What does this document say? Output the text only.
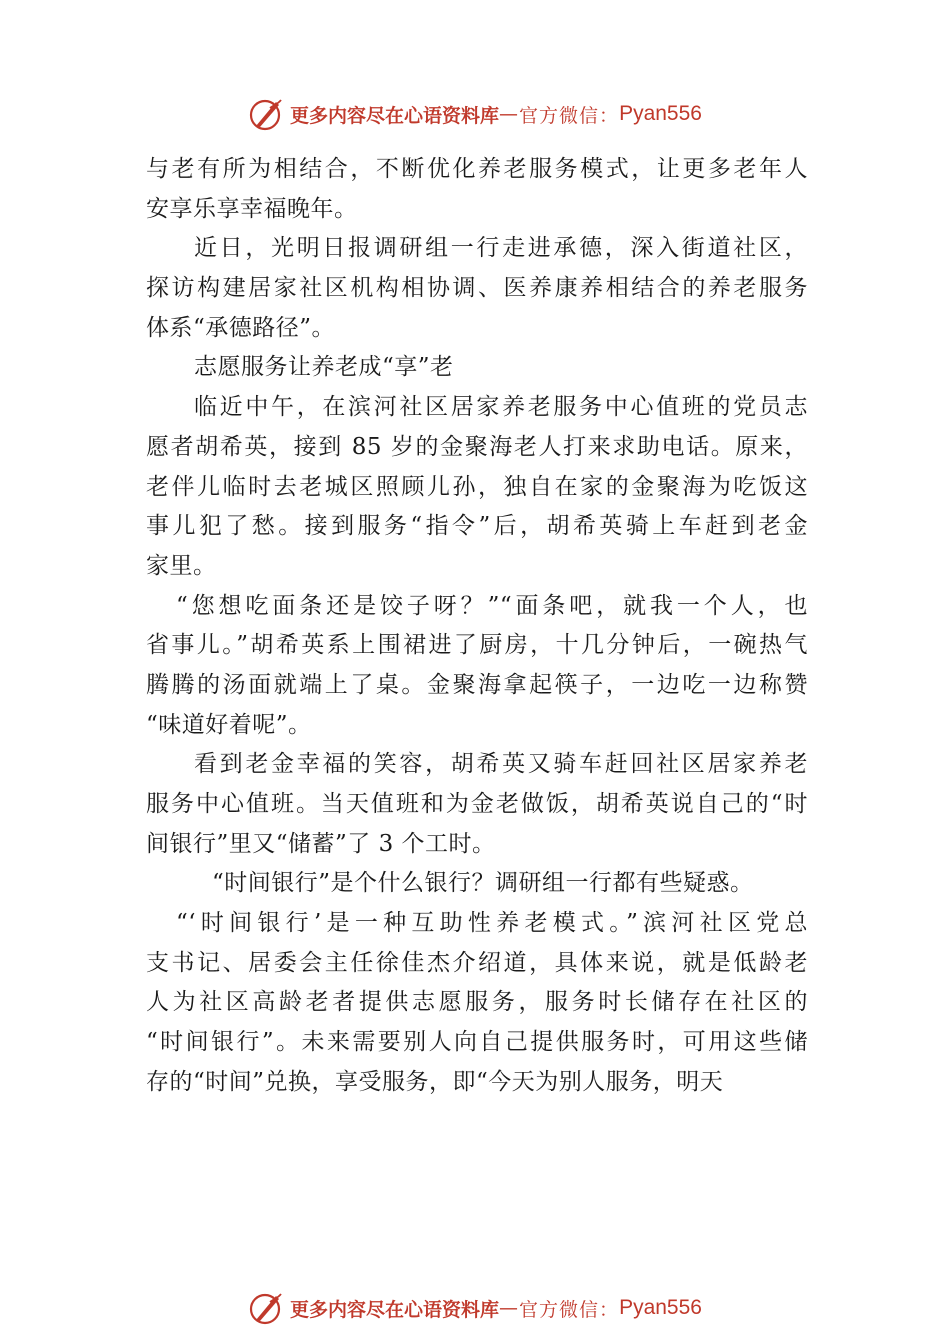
更多内容尽在心语资料库 — 官方微信： Pyan556
与老有所为相结合，不断优化养老服务模式，让更多老年人
安享乐享幸福晚年。
近日，光明日报调研组一行走进承德，深入街道社区，
探访构建居家社区机构相协调、医养康养相结合的养老服务
体系“承德路径”。
志愿服务让养老成“享”老
临近中午，在滨河社区居家养老服务中心值班的党员志
愿者胡希英，接到 85 岁的金聚海老人打来求助电话。原来，
老伴儿临时去老城区照顾儿孙，独自在家的金聚海为吃饭这
事儿犯了愁。接到服务“指令”后，胡希英骑上车赶到老金
家里。
“您想吃面条还是饺子呀？”“面条吧，就我一个人，也
省事儿。”胡希英系上围裙进了厨房，十几分钟后，一碗热气
腾腾的汤面就端上了桌。金聚海拿起筷子，一边吃一边称赞
“味道好着呢”。
看到老金幸福的笑容，胡希英又骑车赶回社区居家养老
服务中心值班。当天值班和为金老做饭，胡希英说自己的“时
间银行”里又“储蓄”了 3 个工时。
“时间银行”是个什么银行？调研组一行都有些疑惑。
“‘时间银行’是一种互助性养老模式。”滨河社区党总
支书记、居委会主任徐佳杰介绍道，具体来说，就是低龄老
人为社区高龄老者提供志愿服务，服务时长储存在社区的
“时间银行”。未来需要别人向自己提供服务时，可用这些储
存的“时间”兑换，享受服务，即“今天为别人服务，明天
更多内容尽在心语资料库 — 官方微信： Pyan556
